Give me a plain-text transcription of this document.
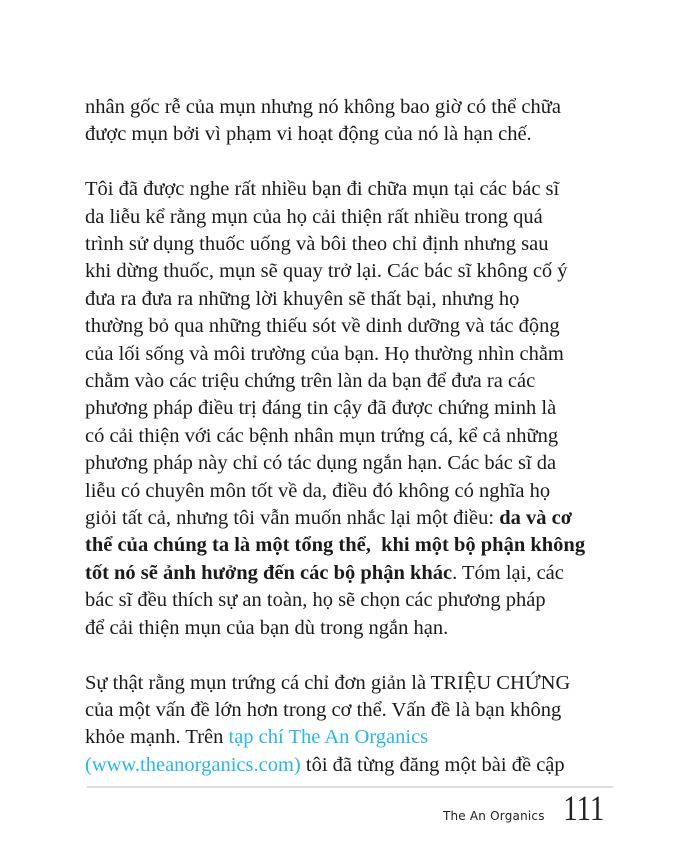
nhân gốc rễ của mụn nhưng nó không bao giờ có thể chữa
được mụn bởi vì phạm vi hoạt động của nó là hạn chế.

Tôi đã được nghe rất nhiều bạn đi chữa mụn tại các bác sĩ
da liễu kể rằng mụn của họ cải thiện rất nhiều trong quá
trình sử dụng thuốc uống và bôi theo chỉ định nhưng sau
khi dừng thuốc, mụn sẽ quay trở lại. Các bác sĩ không cố ý
đưa ra đưa ra những lời khuyên sẽ thất bại, nhưng họ
thường bỏ qua những thiếu sót về dinh dưỡng và tác động
của lối sống và môi trường của bạn. Họ thường nhìn chằm
chằm vào các triệu chứng trên làn da bạn để đưa ra các
phương pháp điều trị đáng tin cậy đã được chứng minh là
có cải thiện với các bệnh nhân mụn trứng cá, kể cả những
phương pháp này chỉ có tác dụng ngắn hạn. Các bác sĩ da
liễu có chuyên môn tốt về da, điều đó không có nghĩa họ
giỏi tất cả, nhưng tôi vẫn muốn nhắc lại một điều: da và cơ
thể của chúng ta là một tổng thể,  khi một bộ phận không
tốt nó sẽ ảnh hưởng đến các bộ phận khác. Tóm lại, các
bác sĩ đều thích sự an toàn, họ sẽ chọn các phương pháp
để cải thiện mụn của bạn dù trong ngắn hạn.

Sự thật rằng mụn trứng cá chỉ đơn giản là TRIỆU CHỨNG
của một vấn đề lớn hơn trong cơ thể. Vấn đề là bạn không
khỏe mạnh. Trên tạp chí The An Organics
(www.theanorganics.com) tôi đã từng đăng một bài đề cập

The An Organics 111
